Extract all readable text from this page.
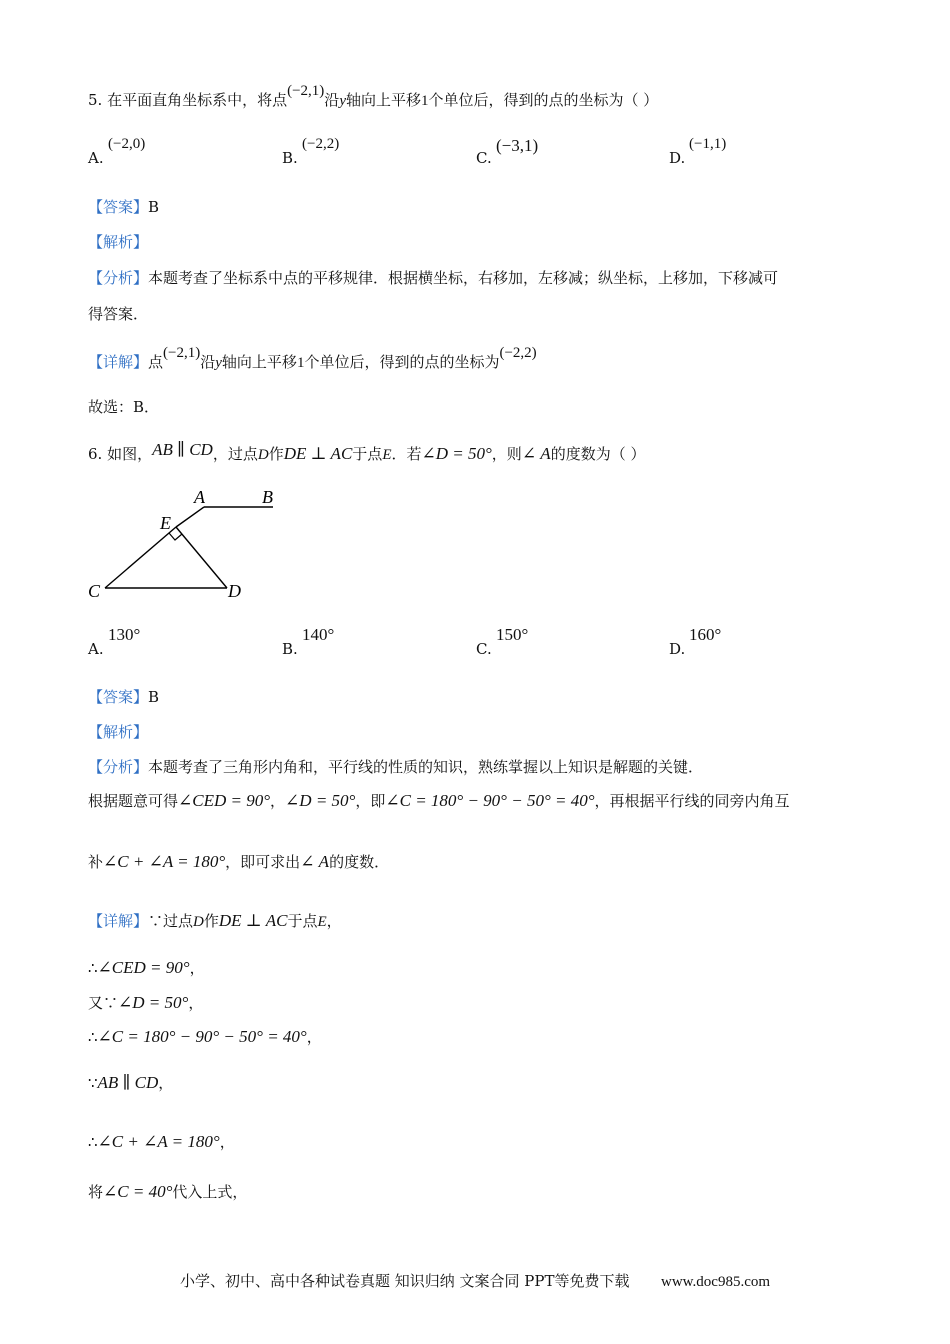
5. 在平面直角坐标系中，将点(−2,1)沿y轴向上平移1个单位后，得到的点的坐标为（ ）
A.
(−2,0)
B.
(−2,2)
C.
(−3,1)
D.
(−1,1)
【答案】B
【解析】
【分析】本题考查了坐标系中点的平移规律．根据横坐标，右移加，左移减；纵坐标，上移加，下移减可
得答案．
【详解】点(−2,1)沿y轴向上平移1个单位后，得到的点的坐标为(−2,2)
故选：B．
6. 如图，AB ∥ CD，过点D作DE ⊥ AC于点E．若∠D = 50°，则∠ A的度数为（ ）
A	B
E
C	D
A.
130°
B.
140°
C.
150°
D.
160°
【答案】B
【解析】
【分析】本题考查了三角形内角和，平行线的性质的知识，熟练掌握以上知识是解题的关键．
根据题意可得∠CED = 90°，∠D = 50°，即∠C = 180° − 90° − 50° = 40°，再根据平行线的同旁内角互
补∠C + ∠A = 180°，即可求出∠ A的度数．
【详解】∵过点D作DE ⊥ AC于点E，
∴∠CED = 90°，
又∵∠D = 50°，
∴∠C = 180° − 90° − 50° = 40°，
∵AB ∥ CD，
∴∠C + ∠A = 180°，
将∠C = 40°代入上式，
小学、初中、高中各种试卷真题 知识归纳 文案合同 PPT等免费下载 www.doc985.com
